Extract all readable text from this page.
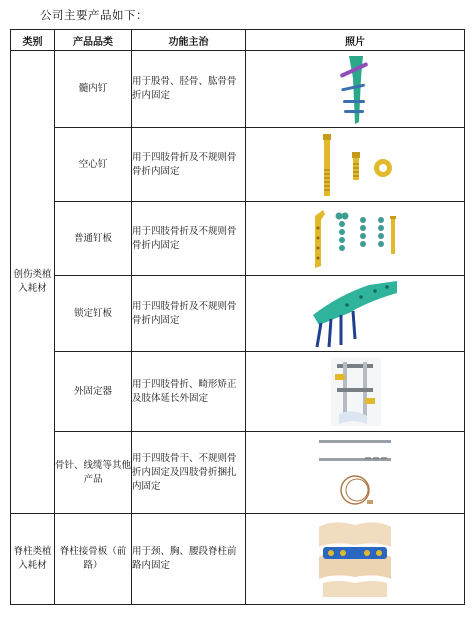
公司主要产品如下：
类别	产品品类	功能主治	照片
创伤类植入耗材	髓内钉	用于股骨、胫骨、肱骨骨折内固定	

	空心钉	用于四肢骨折及不规则骨骨折内固定	

	普通钉板	用于四肢骨折及不规则骨骨折内固定	

	锁定钉板	用于四肢骨折及不规则骨骨折内固定	

	外固定器	用于四肢骨折、畸形矫正及肢体延长外固定	

	骨针、线缆等其他产品	用于四肢骨干、不规则骨折内固定及四肢骨折捆扎内固定	

脊柱类植入耗材	脊柱接骨板（前路）	用于颈、胸、腰段脊柱前路内固定	
